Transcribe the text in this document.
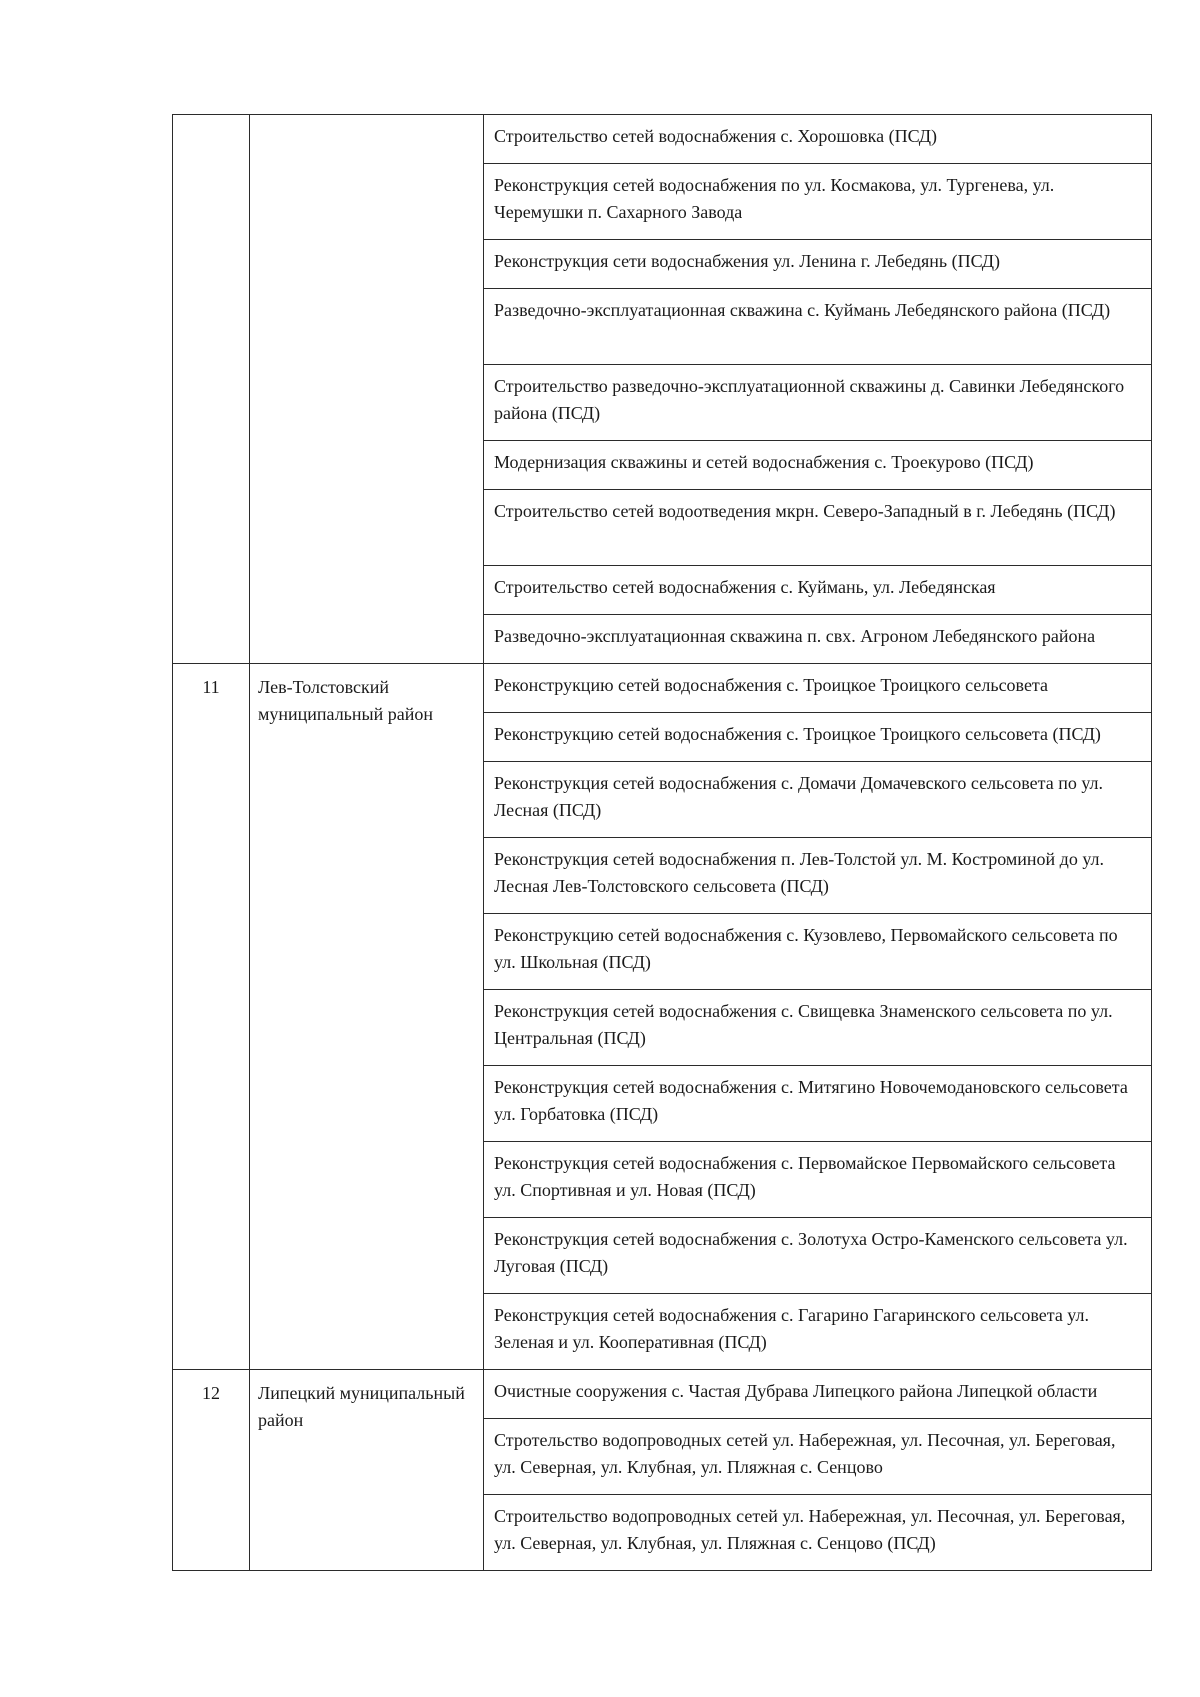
		Строительство сетей водоснабжения с. Хорошовка (ПСД)
		Реконструкция сетей водоснабжения по ул. Космакова, ул. Тургенева, ул. Черемушки п. Сахарного Завода
		Реконструкция сети водоснабжения ул. Ленина г. Лебедянь (ПСД)
		Разведочно-эксплуатационная скважина с. Куймань Лебедянского района (ПСД)
		Строительство разведочно-эксплуатационной скважины д. Савинки Лебедянского района (ПСД)
		Модернизация скважины и сетей водоснабжения с. Троекурово (ПСД)
		Строительство сетей водоотведения мкрн. Северо-Западный в г. Лебедянь (ПСД)
		Строительство сетей водоснабжения с. Куймань, ул. Лебедянская
		Разведочно-эксплуатационная скважина п. свх. Агроном Лебедянского района
11	Лев-Толстовский муниципальный район	Реконструкцию сетей водоснабжения с. Троицкое Троицкого сельсовета
		Реконструкцию сетей водоснабжения с. Троицкое Троицкого сельсовета (ПСД)
		Реконструкция сетей водоснабжения с. Домачи Домачевского сельсовета по ул. Лесная (ПСД)
		Реконструкция сетей водоснабжения п. Лев-Толстой ул. М. Костроминой до ул. Лесная Лев-Толстовского сельсовета (ПСД)
		Реконструкцию сетей водоснабжения с. Кузовлево, Первомайского сельсовета по ул. Школьная (ПСД)
		Реконструкция сетей водоснабжения с. Свищевка Знаменского сельсовета по ул. Центральная (ПСД)
		Реконструкция сетей водоснабжения с. Митягино Новочемодановского сельсовета ул. Горбатовка (ПСД)
		Реконструкция сетей водоснабжения с. Первомайское Первомайского сельсовета ул. Спортивная и ул. Новая (ПСД)
		Реконструкция сетей водоснабжения с. Золотуха Остро-Каменского сельсовета ул. Луговая (ПСД)
		Реконструкция сетей водоснабжения с. Гагарино Гагаринского сельсовета ул. Зеленая и ул. Кооперативная (ПСД)
12	Липецкий муниципальный район	Очистные сооружения с. Частая Дубрава Липецкого района Липецкой области
		Стротельство водопроводных сетей ул. Набережная, ул. Песочная, ул. Береговая, ул. Северная, ул. Клубная, ул. Пляжная с. Сенцово
		Строительство водопроводных сетей ул. Набережная, ул. Песочная, ул. Береговая, ул. Северная, ул. Клубная, ул. Пляжная с. Сенцово (ПСД)
